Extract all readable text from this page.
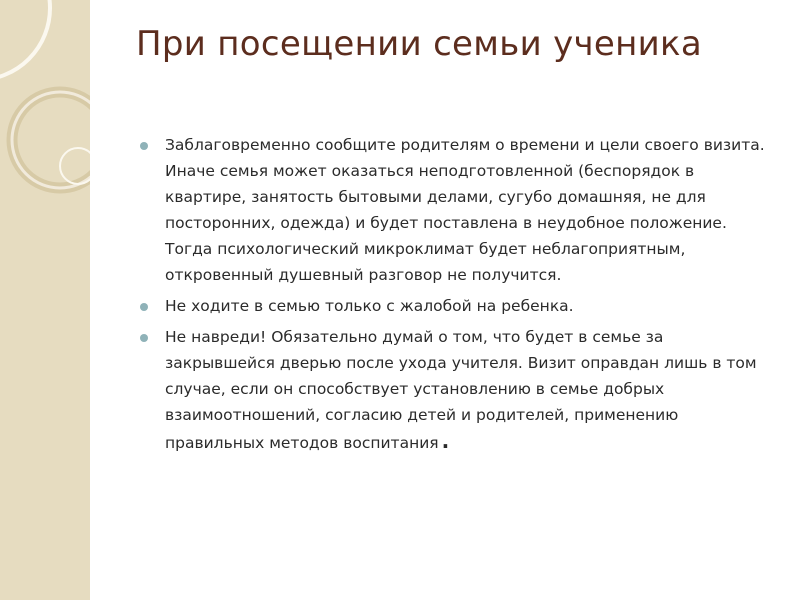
При посещении семьи ученика
Заблаговременно сообщите родителям о времени и цели своего визита. Иначе семья может оказаться неподготовленной (беспорядок в квартире, занятость бытовыми делами, сугубо домашняя, не для посторонних, одежда) и будет поставлена в неудобное положение. Тогда психологический микроклимат будет неблагоприятным, откровенный душевный разговор не получится.
Не ходите в семью только с жалобой на ребенка.
Не навреди! Обязательно думай о том, что будет в семье за закрывшейся дверью после ухода учителя. Визит оправдан лишь в том случае, если он способствует установлению в семье добрых взаимоотношений, согласию детей и родителей, применению правильных методов воспитания .
